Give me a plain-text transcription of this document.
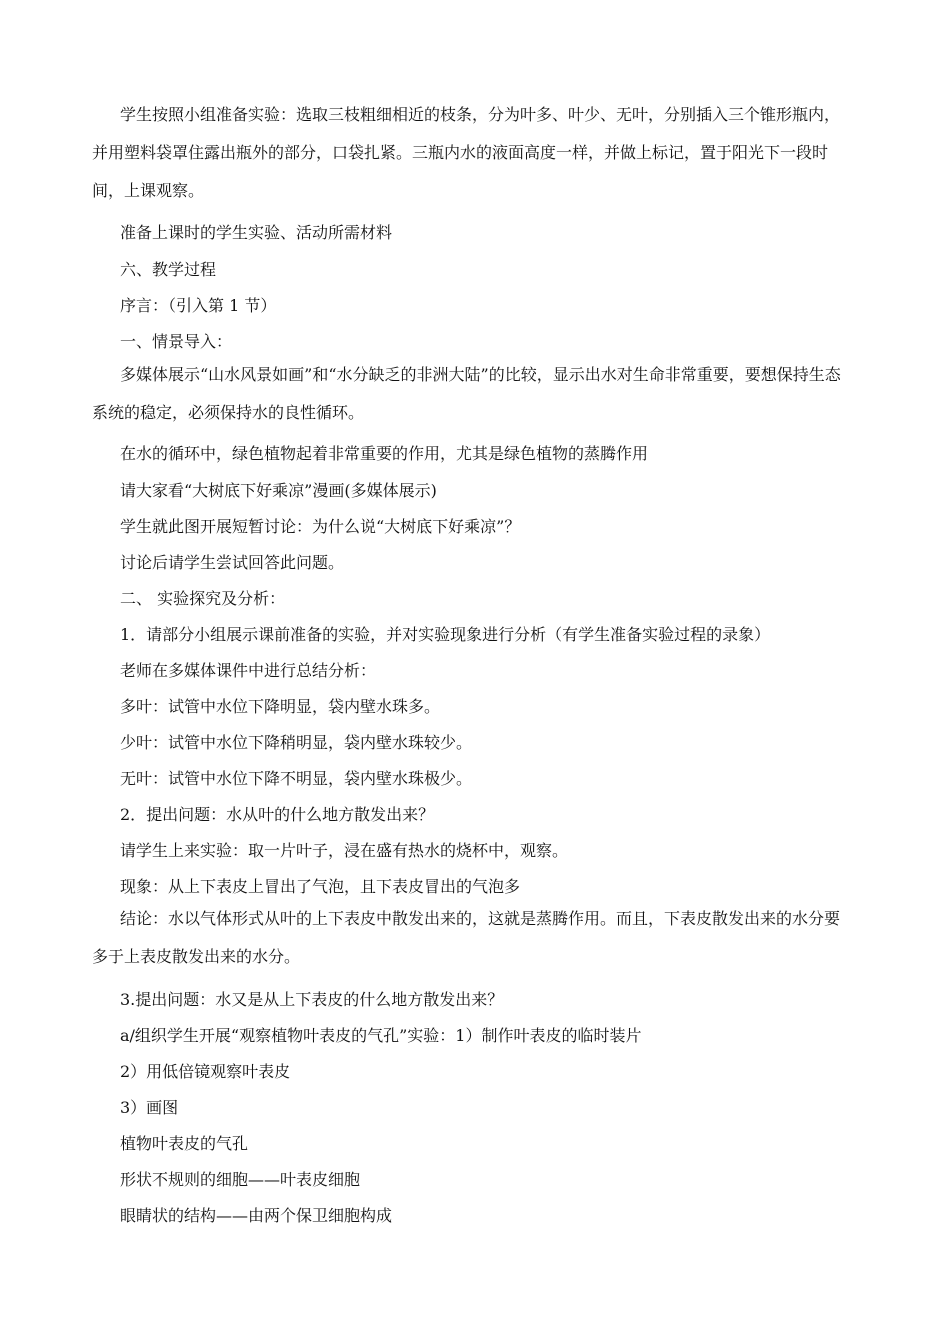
学生按照小组准备实验：选取三枝粗细相近的枝条，分为叶多、叶少、无叶，分别插入三个锥形瓶内，并用塑料袋罩住露出瓶外的部分，口袋扎紧。三瓶内水的液面高度一样，并做上标记，置于阳光下一段时间，上课观察。

准备上课时的学生实验、活动所需材料

六、教学过程

序言：（引入第 1 节）

一、情景导入：

多媒体展示“山水风景如画”和“水分缺乏的非洲大陆”的比较，显示出水对生命非常重要，要想保持生态系统的稳定，必须保持水的良性循环。

在水的循环中，绿色植物起着非常重要的作用，尤其是绿色植物的蒸腾作用

请大家看“大树底下好乘凉”漫画(多媒体展示)

学生就此图开展短暂讨论：为什么说“大树底下好乘凉”？

讨论后请学生尝试回答此问题。

二、 实验探究及分析：

1．请部分小组展示课前准备的实验，并对实验现象进行分析（有学生准备实验过程的录象）

老师在多媒体课件中进行总结分析：

多叶：试管中水位下降明显，袋内壁水珠多。

少叶：试管中水位下降稍明显，袋内壁水珠较少。

无叶：试管中水位下降不明显，袋内壁水珠极少。

2．提出问题：水从叶的什么地方散发出来？

请学生上来实验：取一片叶子，浸在盛有热水的烧杯中，观察。

现象：从上下表皮上冒出了气泡，且下表皮冒出的气泡多

结论：水以气体形式从叶的上下表皮中散发出来的，这就是蒸腾作用。而且，下表皮散发出来的水分要多于上表皮散发出来的水分。

3.提出问题：水又是从上下表皮的什么地方散发出来？

a/组织学生开展“观察植物叶表皮的气孔”实验：1）制作叶表皮的临时装片

2）用低倍镜观察叶表皮

3）画图

植物叶表皮的气孔

形状不规则的细胞——叶表皮细胞

眼睛状的结构——由两个保卫细胞构成
